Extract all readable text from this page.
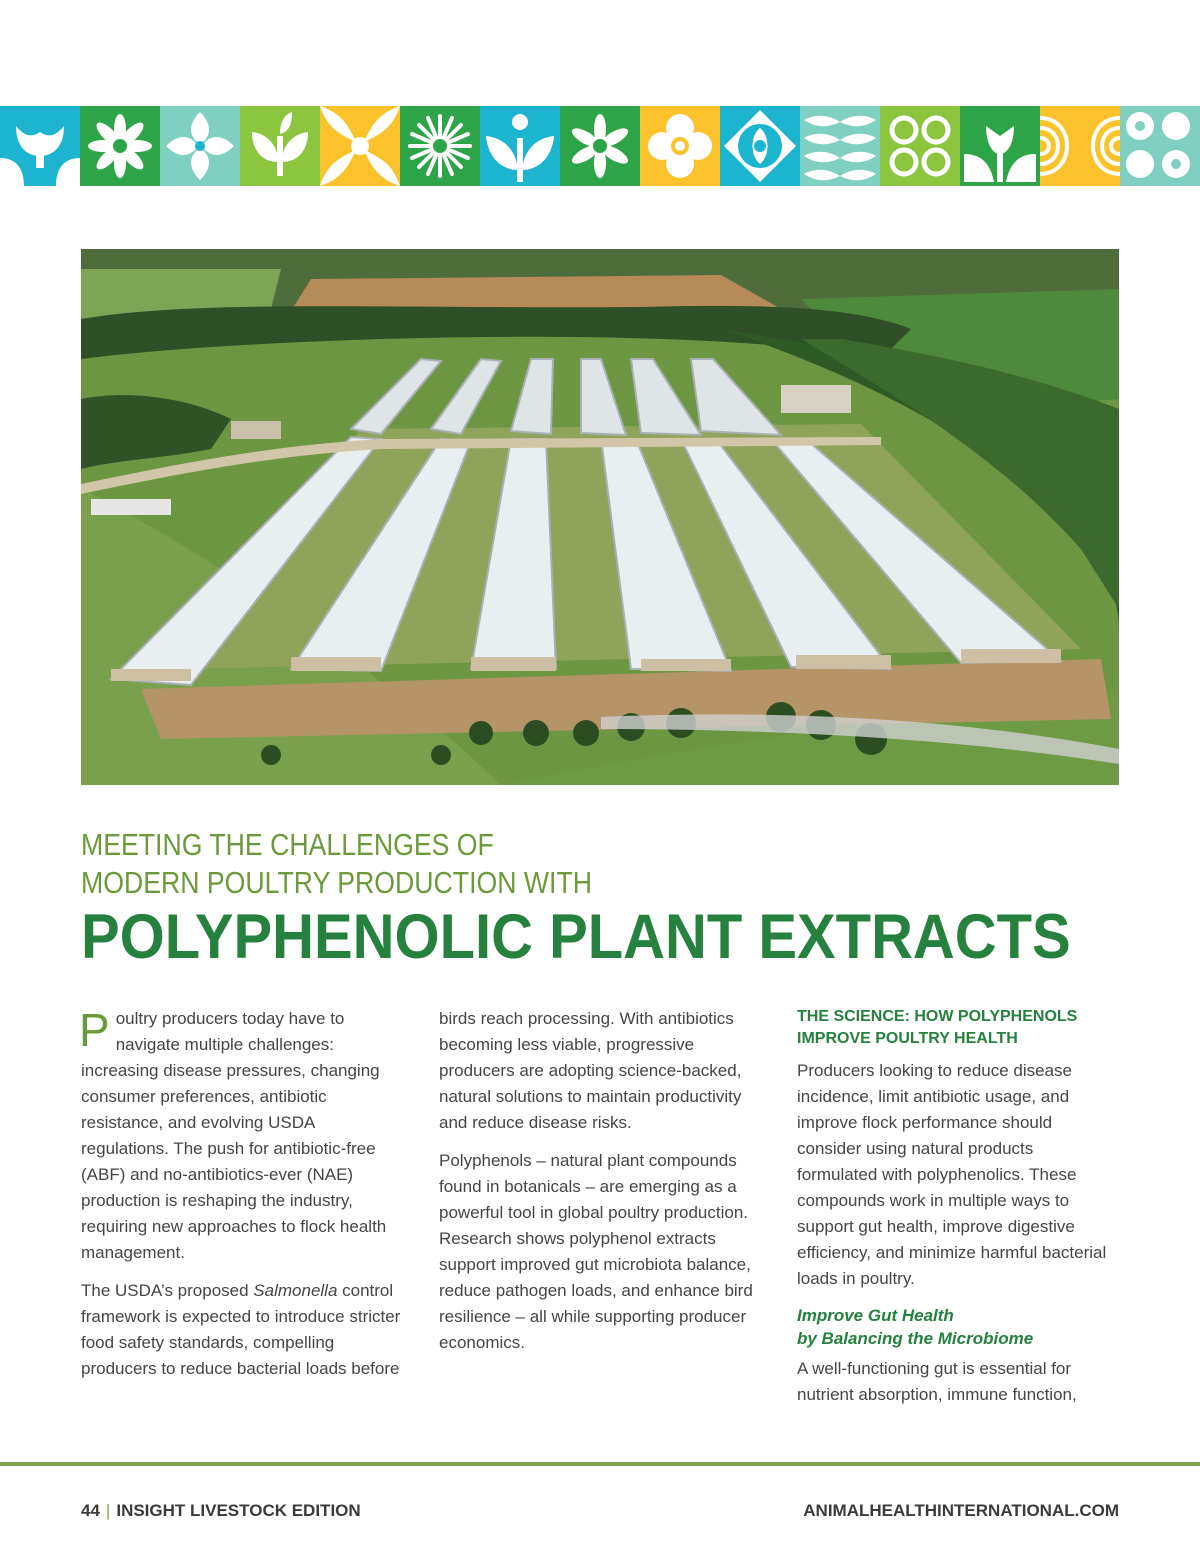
MEETING THE CHALLENGES OF
MODERN POULTRY PRODUCTION WITH
POLYPHENOLIC PLANT EXTRACTS

Poultry producers today have to navigate multiple challenges: increasing disease pressures, changing consumer preferences, antibiotic resistance, and evolving USDA regulations. The push for antibiotic-free (ABF) and no-antibiotics-ever (NAE) production is reshaping the industry, requiring new approaches to flock health management.

The USDA’s proposed Salmonella control framework is expected to introduce stricter food safety standards, compelling producers to reduce bacterial loads before

birds reach processing. With antibiotics becoming less viable, progressive producers are adopting science-backed, natural solutions to maintain productivity and reduce disease risks.

Polyphenols – natural plant compounds found in botanicals – are emerging as a powerful tool in global poultry production. Research shows polyphenol extracts support improved gut microbiota balance, reduce pathogen loads, and enhance bird resilience – all while supporting producer economics.

THE SCIENCE: HOW POLYPHENOLS IMPROVE POULTRY HEALTH

Producers looking to reduce disease incidence, limit antibiotic usage, and improve flock performance should consider using natural products formulated with polyphenolics. These compounds work in multiple ways to support gut health, improve digestive efficiency, and minimize harmful bacterial loads in poultry.

Improve Gut Health
by Balancing the Microbiome

A well-functioning gut is essential for nutrient absorption, immune function,

44 | INSIGHT LIVESTOCK EDITION	ANIMALHEALTHINTERNATIONAL.COM
